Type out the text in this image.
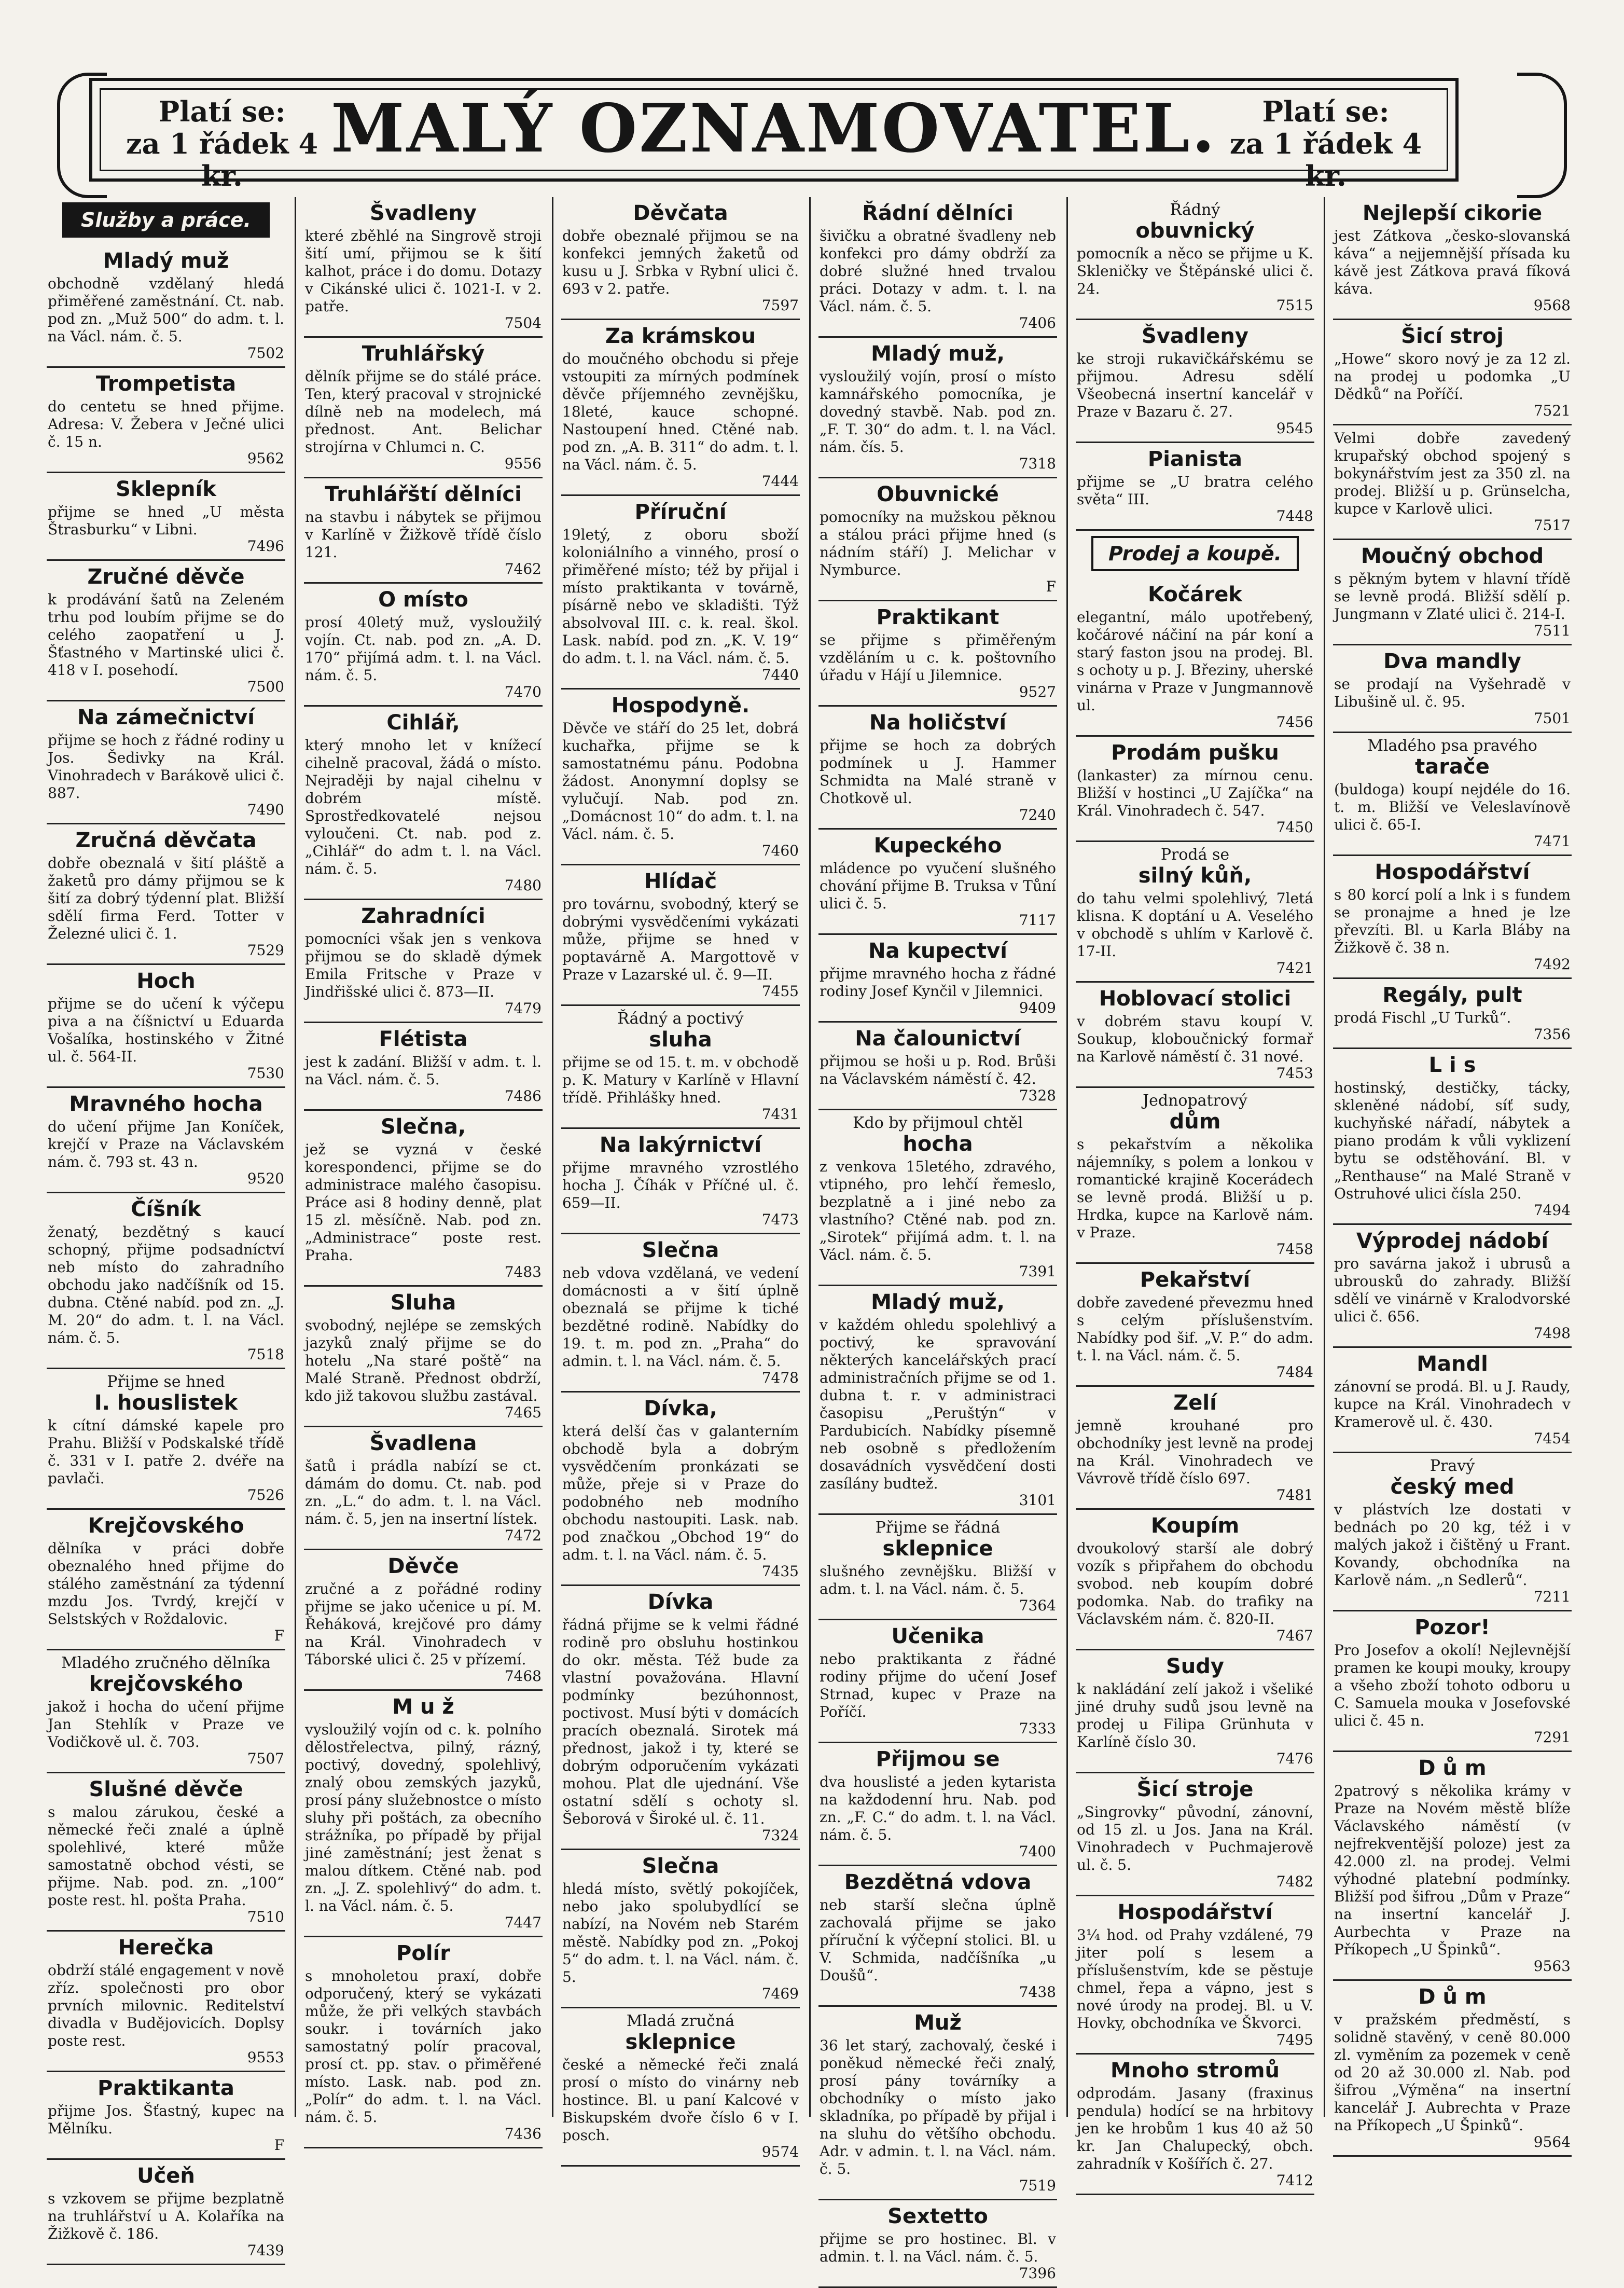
Platí se:
za 1 řádek 4 kr.
MALÝ OZNAMOVATEL.	Platí se:
za 1 řádek 4 kr.
Služby a práce.
Mladý muž

obchodně vzdělaný hledá přiměřené zaměstnání. Ct. nab. pod zn. „Muž 500“ do adm. t. l. na Václ. nám. č. 5.

7502
Trompetista

do centetu se hned přijme. Adresa: V. Žebera v Ječné ulici č. 15 n.

9562
Sklepník

přijme se hned „U města Štrasburku“ v Libni.

7496
Zručné děvče

k prodávání šatů na Zeleném trhu pod loubím přijme se do celého zaopatření u J. Šťastného v Martinské ulici č. 418 v I. posehodí.

7500
Na zámečnictví

přijme se hoch z řádné rodiny u Jos. Šedivky na Král. Vinohradech v Barákově ulici č. 887.

7490
Zručná děvčata

dobře obeznalá v šití pláště a žaketů pro dámy přijmou se k šití za dobrý týdenní plat. Bližší sdělí firma Ferd. Totter v Železné ulici č. 1.

7529
Hoch

přijme se do učení k výčepu piva a na číšnictví u Eduarda Vošalíka, hostinského v Žitné ul. č. 564-II.

7530
Mravného hocha

do učení přijme Jan Koníček, krejčí v Praze na Václavském nám. č. 793 st. 43 n.

9520
Číšník

ženatý, bezdětný s kaucí schopný, přijme podsadníctví neb místo do zahradního obchodu jako nadčíšník od 15. dubna. Ctěné nabíd. pod zn. „J. M. 20“ do adm. t. l. na Václ. nám. č. 5.

7518
Přijme se hned
I. houslistek

k cítní dámské kapele pro Prahu. Bližší v Podskalské třídě č. 331 v I. patře 2. dvéře na pavlači.

7526
Krejčovského

dělníka v práci dobře obeznalého hned přijme do stálého zaměstnání za týdenní mzdu Jos. Tvrdý, krejčí v Selstských v Roždalovic.

F
Mladého zručného dělníka
krejčovského

jakož i hocha do učení přijme Jan Stehlík v Praze ve Vodičkově ul. č. 703.

7507
Slušné děvče

s malou zárukou, české a německé řeči znalé a úplně spolehlivé, které může samostatně obchod vésti, se přijme. Nab. pod. zn. „100“ poste rest. hl. pošta Praha.

7510
Herečka

obdrží stálé engagement v nově zříz. společnosti pro obor prvních milovnic. Reditelství divadla v Budějovicích. Doplsy poste rest.

9553
Praktikanta

přijme Jos. Šťastný, kupec na Mělníku.

F
Učeň

s vzkovem se přijme bezplatně na truhlářství u A. Kolaříka na Žižkově č. 186.

7439
Švadleny

které zběhlé na Singrově stroji šití umí, přijmou se k šití kalhot, práce i do domu. Dotazy v Cikánské ulici č. 1021-I. v 2. patře.

7504
Truhlářský

dělník přijme se do stálé práce. Ten, který pracoval v strojnické dílně neb na modelech, má přednost. Ant. Belichar strojírna v Chlumci n. C.

9556
Truhlářští dělníci

na stavbu i nábytek se přijmou v Karlíně v Žižkově třídě číslo 121.

7462
O místo

prosí 40letý muž, vysloužilý vojín. Ct. nab. pod zn. „A. D. 170“ přijímá adm. t. l. na Václ. nám. č. 5.

7470
Cihlář,

který mnoho let v knížecí cihelně pracoval, žádá o místo. Nejraději by najal cihelnu v dobrém místě. Sprostředkovatelé nejsou vyloučeni. Ct. nab. pod z. „Cihlář“ do adm t. l. na Václ. nám. č. 5.

7480
Zahradníci

pomocníci však jen s venkova přijmou se do skladě dýmek Emila Fritsche v Praze v Jindřišské ulici č. 873—II.

7479
Flétista

jest k zadání. Bližší v adm. t. l. na Václ. nám. č. 5.

7486
Slečna,

jež se vyzná v české korespondenci, přijme se do administrace malého časopisu. Práce asi 8 hodiny denně, plat 15 zl. měsíčně. Nab. pod zn. „Administrace“ poste rest. Praha.

7483
Sluha

svobodný, nejlépe se zemských jazyků znalý přijme se do hotelu „Na staré poště“ na Malé Straně. Přednost obdrží, kdo již takovou službu zastával.

7465
Švadlena

šatů i prádla nabízí se ct. dámám do domu. Ct. nab. pod zn. „L.“ do adm. t. l. na Václ. nám. č. 5, jen na insertní lístek.

7472
Děvče

zručné a z pořádné rodiny přijme se jako učenice u pí. M. Řeháková, krejčové pro dámy na Král. Vinohradech v Táborské ulici č. 25 v přízemí.

7468
M u ž

vysloužilý vojín od c. k. polního dělostřelectva, pilný, rázný, poctivý, dovedný, spolehlivý, znalý obou zemských jazyků, prosí pány služebnostce o místo sluhy při poštách, za obecního strážníka, po případě by přijal jiné zaměstnání; jest ženat s malou dítkem. Ctěné nab. pod zn. „J. Z. spolehlivý“ do adm. t. l. na Václ. nám. č. 5.

7447
Polír

s mnoholetou praxí, dobře odporučený, který se vykázati může, že při velkých stavbách soukr. i továrních jako samostatný polír pracoval, prosí ct. pp. stav. o přiměřené místo. Lask. nab. pod zn. „Polír“ do adm. t. l. na Václ. nám. č. 5.

7436
Děvčata

dobře obeznalé přijmou se na konfekci jemných žaketů od kusu u J. Srbka v Rybní ulici č. 693 v 2. patře.

7597
Za krámskou

do moučného obchodu si přeje vstoupiti za mírných podmínek děvče příjemného zevnějšku, 18leté, kauce schopné. Nastoupení hned. Ctěné nab. pod zn. „A. B. 311“ do adm. t. l. na Václ. nám. č. 5.

7444
Příruční

19letý, z oboru sboží koloniálního a vinného, prosí o přiměřené místo; též by přijal i místo praktikanta v továrně, písárně nebo ve skladišti. Týž absolvoval III. c. k. real. škol. Lask. nabíd. pod zn. „K. V. 19“ do adm. t. l. na Václ. nám. č. 5.

7440
Hospodyně.

Děvče ve stáří do 25 let, dobrá kuchařka, přijme se k samostatnému pánu. Podobna žádost. Anonymní doplsy se vylučují. Nab. pod zn. „Domácnost 10“ do adm. t. l. na Václ. nám. č. 5.

7460
Hlídač

pro továrnu, svobodný, který se dobrými vysvědčeními vykázati může, přijme se hned v poptavárně A. Margottově v Praze v Lazarské ul. č. 9—II.

7455
Řádný a poctivý
sluha

přijme se od 15. t. m. v obchodě p. K. Matury v Karlíně v Hlavní třídě. Přihlášky hned.

7431
Na lakýrnictví

přijme mravného vzrostlého hocha J. Číhák v Příčné ul. č. 659—II.

7473
Slečna

neb vdova vzdělaná, ve vedení domácnosti a v šití úplně obeznalá se přijme k tiché bezdětné rodině. Nabídky do 19. t. m. pod zn. „Praha“ do admin. t. l. na Václ. nám. č. 5.

7478
Dívka,

která delší čas v galanterním obchodě byla a dobrým vysvědčením pronkázati se může, přeje si v Praze do podobného neb modního obchodu nastoupiti. Lask. nab. pod značkou „Obchod 19“ do adm. t. l. na Václ. nám. č. 5.

7435
Dívka

řádná přijme se k velmi řádné rodině pro obsluhu hostinkou do okr. města. Též bude za vlastní považována. Hlavní podmínky bezúhonnost, poctivost. Musí býti v domácích pracích obeznalá. Sirotek má přednost, jakož i ty, které se dobrým odporučením vykázati mohou. Plat dle ujednání. Vše ostatní sdělí s ochoty sl. Šeborová v Široké ul. č. 11.

7324
Slečna

hledá místo, světlý pokojíček, nebo jako spolubydlící se nabízí, na Novém neb Starém městě. Nabídky pod zn. „Pokoj 5“ do adm. t. l. na Václ. nám. č. 5.

7469
Mladá zručná
sklepnice

české a německé řeči znalá prosí o místo do vinárny neb hostince. Bl. u paní Kalcové v Biskupském dvoře číslo 6 v I. posch.

9574
Řádní dělníci

šivičku a obratné švadleny neb konfekci pro dámy obdrží za dobré služné hned trvalou práci. Dotazy v adm. t. l. na Václ. nám. č. 5.

7406
Mladý muž,

vysloužilý vojín, prosí o místo kamnářského pomocníka, je dovedný stavbě. Nab. pod zn. „F. T. 30“ do adm. t. l. na Václ. nám. čís. 5.

7318
Obuvnické

pomocníky na mužskou pěknou a stálou práci přijme hned (s nádním stáří) J. Melichar v Nymburce.

F
Praktikant

se přijme s přiměřeným vzděláním u c. k. poštovního úřadu v Hájí u Jilemnice.

9527
Na holičství

přijme se hoch za dobrých podmínek u J. Hammer Schmidta na Malé straně v Chotkově ul.

7240
Kupeckého

mládence po vyučení slušného chování přijme B. Truksa v Tůní ulici č. 5.

7117
Na kupectví

přijme mravného hocha z řádné rodiny Josef Kynčil v Jilemnici.

9409
Na čalounictví

přijmou se hoši u p. Rod. Brůši na Václavském náměstí č. 42.

7328
Kdo by přijmoul chtěl
hocha

z venkova 15letého, zdravého, vtipného, pro lehčí řemeslo, bezplatně a i jiné nebo za vlastního? Ctěné nab. pod zn. „Sirotek“ přijímá adm. t. l. na Václ. nám. č. 5.

7391
Mladý muž,

v každém ohledu spolehlivý a poctivý, ke spravování některých kancelářských prací administračních přijme se od 1. dubna t. r. v administraci časopisu „Peruštýn“ v Pardubicích. Nabídky písemně neb osobně s předložením dosavádních vysvědčení dosti zasílány budtež.

3101
Přijme se řádná
sklepnice

slušného zevnějšku. Bližší v adm. t. l. na Václ. nám. č. 5.

7364
Učenika

nebo praktikanta z řádné rodiny přijme do učení Josef Strnad, kupec v Praze na Poříčí.

7333
Přijmou se

dva houslisté a jeden kytarista na každodenní hru. Nab. pod zn. „F. C.“ do adm. t. l. na Václ. nám. č. 5.

7400
Bezdětná vdova

neb starší slečna úplně zachovalá přijme se jako příruční k výčepní stolici. Bl. u V. Schmida, nadčíšníka „u Doušů“.

7438
Muž

36 let starý, zachovalý, české i poněkud německé řeči znalý, prosí pány továrníky a obchodníky o místo jako skladníka, po případě by přijal i na sluhu do většího obchodu. Adr. v admin. t. l. na Václ. nám. č. 5.

7519
Sextetto

přijme se pro hostinec. Bl. v admin. t. l. na Václ. nám. č. 5.

7396
Řádný
obuvnický

pomocník a něco se přijme u K. Skleničky ve Štěpánské ulici č. 24.

7515
Švadleny

ke stroji rukavičkářskému se přijmou. Adresu sdělí Všeobecná insertní kancelář v Praze v Bazaru č. 27.

9545
Pianista

přijme se „U bratra celého světa“ III.

7448
Prodej a koupě.
Kočárek

elegantní, málo upotřebený, kočárové náčiní na pár koní a starý faston jsou na prodej. Bl. s ochoty u p. J. Březiny, uherské vinárna v Praze v Jungmannově ul.

7456
Prodám pušku

(lankaster) za mírnou cenu. Bližší v hostinci „U Zajíčka“ na Král. Vinohradech č. 547.

7450
Prodá se
silný kůň,

do tahu velmi spolehlivý, 7letá klisna. K doptání u A. Veselého v obchodě s uhlím v Karlově č. 17-II.

7421
Hoblovací stolici

v dobrém stavu koupí V. Soukup, kloboučnický formař na Karlově náměstí č. 31 nové.

7453
Jednopatrový
dům

s pekařstvím a několika nájemníky, s polem a lonkou v romantické krajině Kocerádech se levně prodá. Bližší u p. Hrdka, kupce na Karlově nám. v Praze.

7458
Pekařství

dobře zavedené převezmu hned s celým příslušenstvím. Nabídky pod šif. „V. P.“ do adm. t. l. na Václ. nám. č. 5.

7484
Zelí

jemně krouhané pro obchodníky jest levně na prodej na Král. Vinohradech ve Vávrově třídě číslo 697.

7481
Koupím

dvoukolový starší ale dobrý vozík s připřahem do obchodu svobod. neb koupím dobré podomka. Nab. do trafiky na Václavském nám. č. 820-II.

7467
Sudy

k nakládání zelí jakož i všeliké jiné druhy sudů jsou levně na prodej u Filipa Grünhuta v Karlíně číslo 30.

7476
Šicí stroje

„Singrovky“ původní, zánovní, od 15 zl. u Jos. Jana na Král. Vinohradech v Puchmajerově ul. č. 5.

7482
Hospodářství

3¼ hod. od Prahy vzdálené, 79 jiter polí s lesem a příslušenstvím, kde se pěstuje chmel, řepa a vápno, jest s nové úrody na prodej. Bl. u V. Hovky, obchodníka ve Škvorci.

7495
Mnoho stromů

odprodám. Jasany (fraxinus pendula) hodící se na hrbitovy jen ke hrobům 1 kus 40 až 50 kr. Jan Chalupecký, obch. zahradník v Košířích č. 27.

7412
Nejlepší cikorie

jest Zátkova „česko-slovanská káva“ a nejjemnější přísada ku kávě jest Zátkova pravá fíková káva.

9568
Šicí stroj

„Howe“ skoro nový je za 12 zl. na prodej u podomka „U Dědků“ na Poříčí.

7521

Velmi dobře zavedený krupařský obchod spojený s bokynářstvím jest za 350 zl. na prodej. Bližší u p. Grünselcha, kupce v Karlově ulici.

7517
Moučný obchod

s pěkným bytem v hlavní třídě se levně prodá. Bližší sdělí p. Jungmann v Zlaté ulici č. 214-I.

7511
Dva mandly

se prodají na Vyšehradě v Libušině ul. č. 95.

7501
Mladého psa pravého
tarače

(buldoga) koupí nejdéle do 16. t. m. Bližší ve Veleslavínově ulici č. 65-I.

7471
Hospodářství

s 80 korcí polí a lnk i s fundem se pronajme a hned je lze převzíti. Bl. u Karla Bláby na Žižkově č. 38 n.

7492
Regály, pult

prodá Fischl „U Turků“.

7356
L i s

hostinský, destičky, tácky, skleněné nádobí, síť sudy, kuchyňské nářadí, nábytek a piano prodám k vůli vyklizení bytu se odstěhování. Bl. v „Renthause“ na Malé Straně v Ostruhové ulici čísla 250.

7494
Výprodej nádobí

pro savárna jakož i ubrusů a ubrousků do zahrady. Bližší sdělí ve vinárně v Kralodvorské ulici č. 656.

7498
Mandl

zánovní se prodá. Bl. u J. Raudy, kupce na Král. Vinohradech v Kramerově ul. č. 430.

7454
Pravý
český med

v plástvích lze dostati v bednách po 20 kg, též i v malých jakož i čištěný u Frant. Kovandy, obchodníka na Karlově nám. „n Sedlerů“.

7211
Pozor!

Pro Josefov a okolí! Nejlevnější pramen ke koupi mouky, kroupy a všeho zboží tohoto odboru u C. Samuela mouka v Josefovské ulici č. 45 n.

7291
D ů m

2patrový s několika krámy v Praze na Novém městě blíže Václavského náměstí (v nejfrekventější poloze) jest za 42.000 zl. na prodej. Velmi výhodné platební podmínky. Bližší pod šifrou „Dům v Praze“ na insertní kancelář J. Aurbechta v Praze na Příkopech „U Špinků“.

9563
D ů m

v pražském předměstí, s solidně stavěný, v ceně 80.000 zl. vyměním za pozemek v ceně od 20 až 30.000 zl. Nab. pod šifrou „Výměna“ na insertní kancelář J. Aubrechta v Praze na Příkopech „U Špinků“.

9564
